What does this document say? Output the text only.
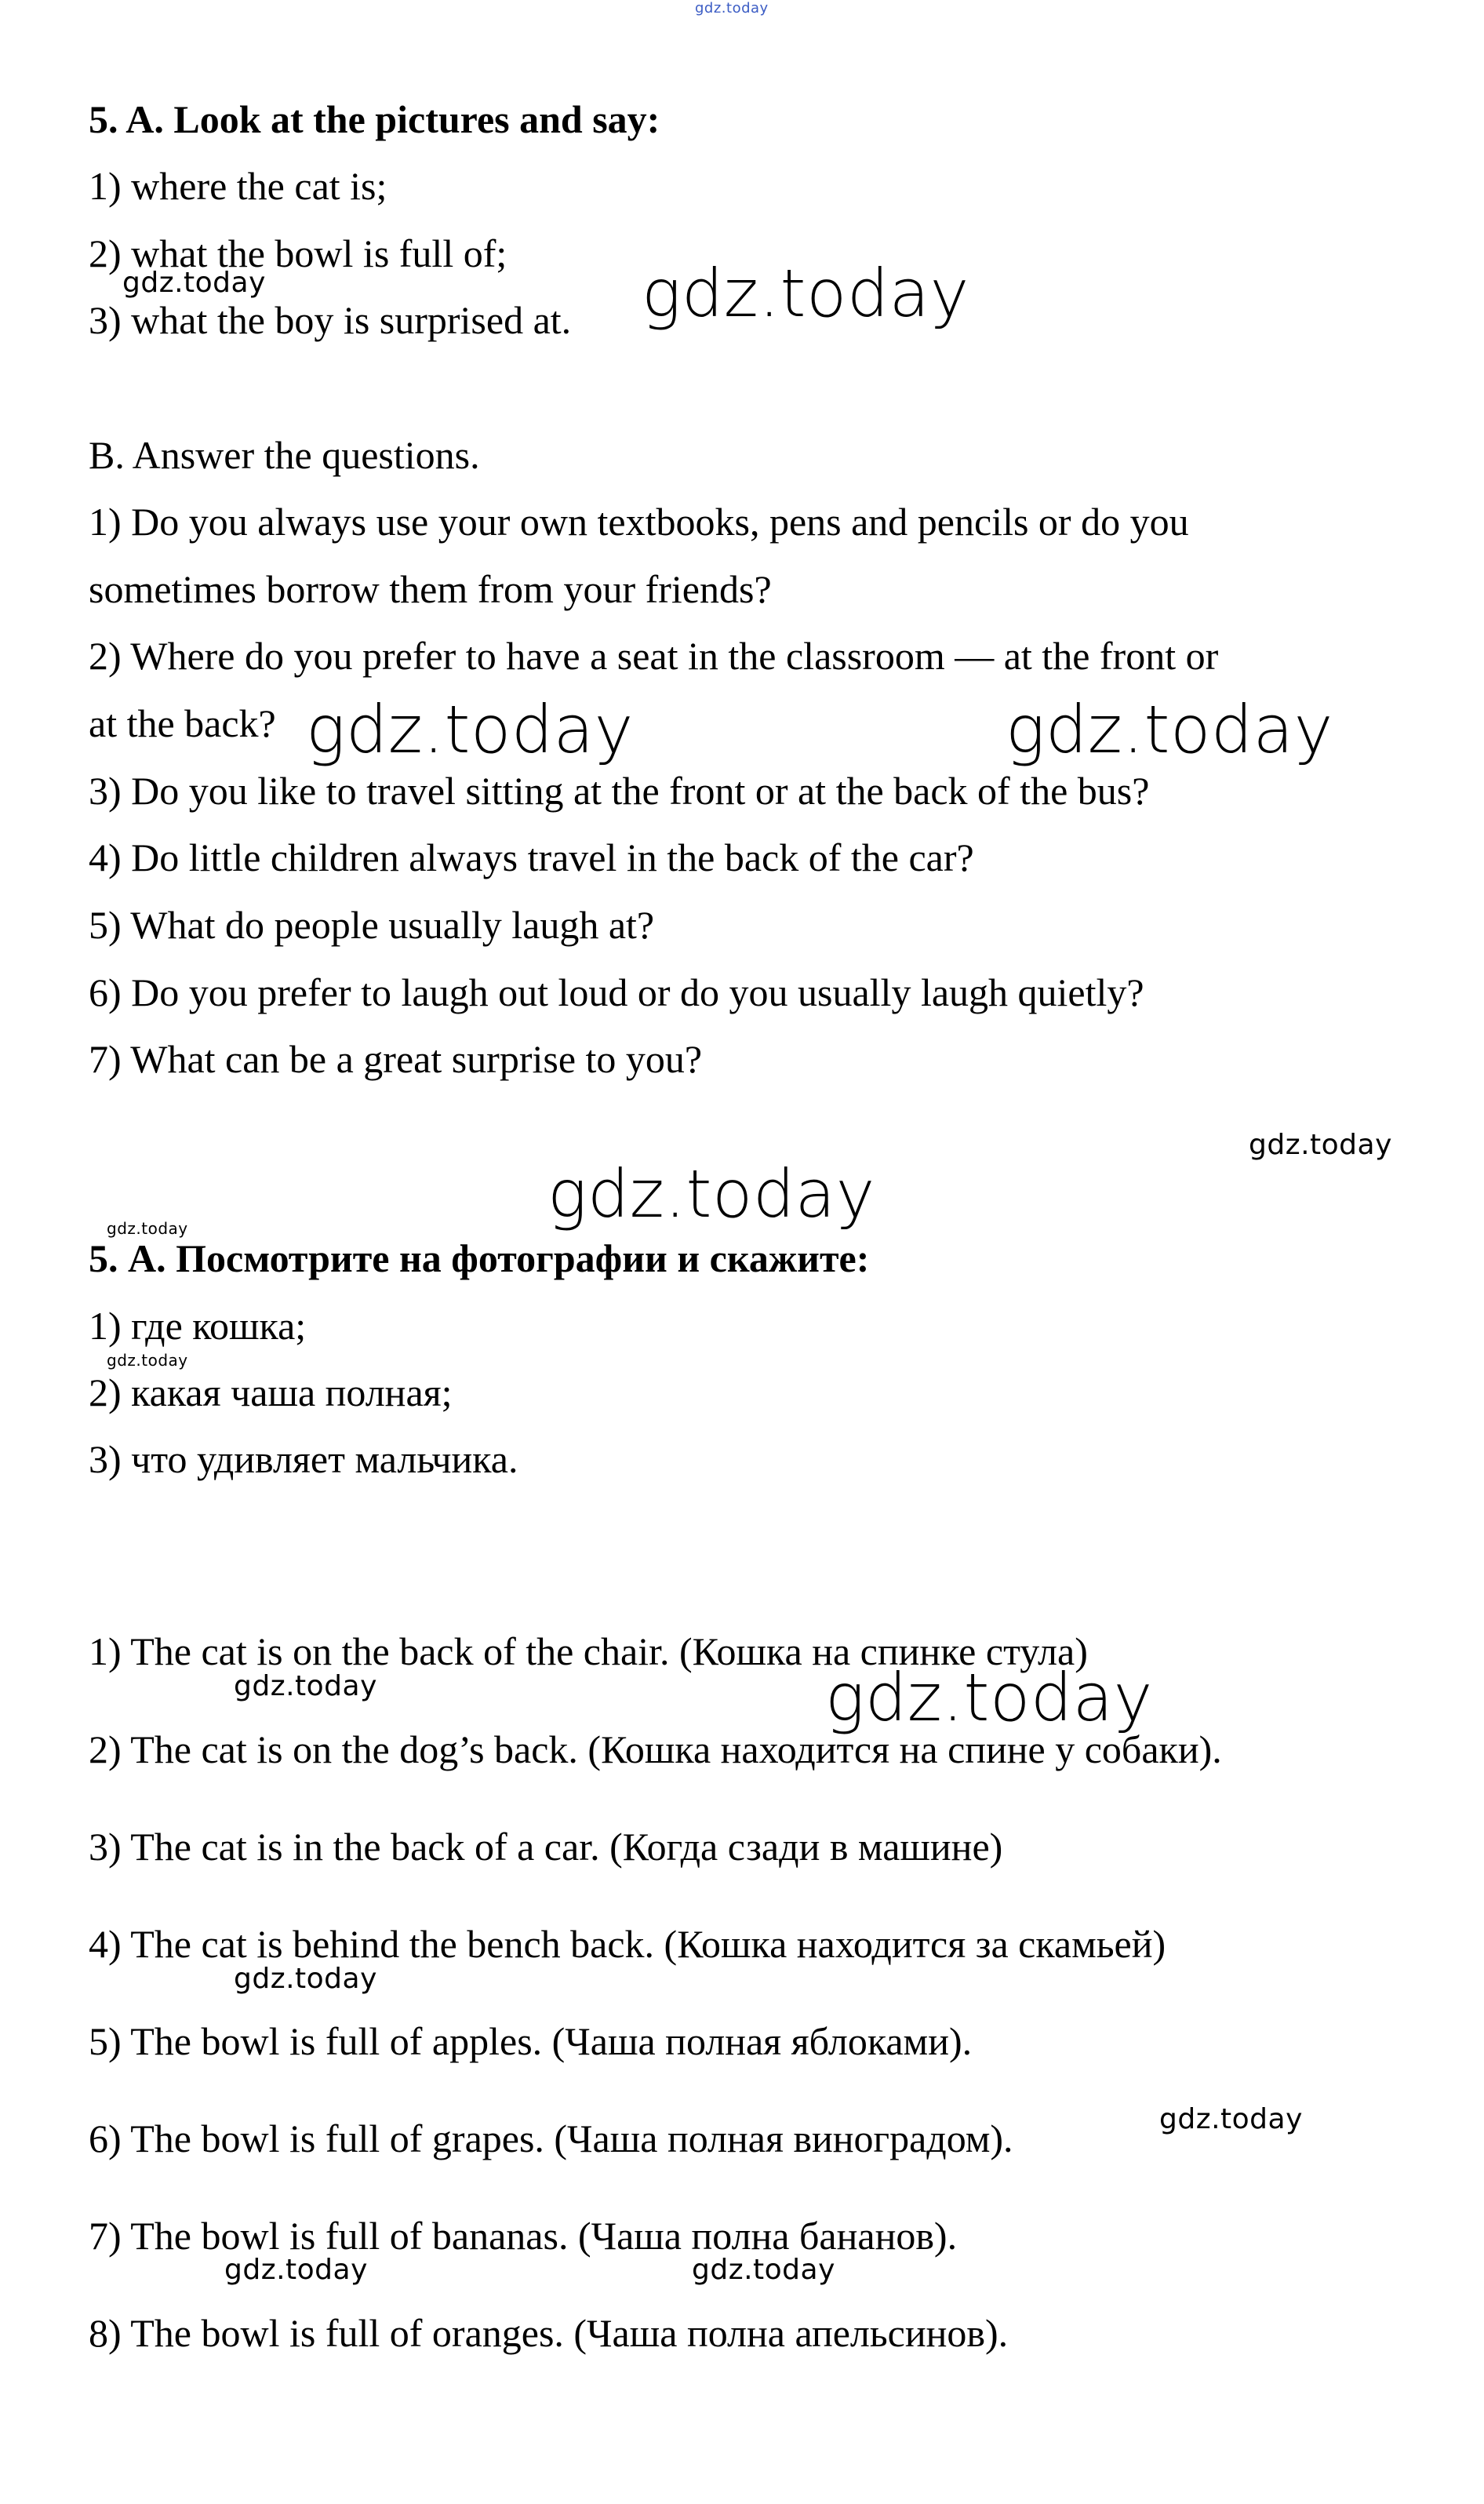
gdz.today
5. A. Look at the pictures and say:
1) where the cat is;
2) what the bowl is full of;
3) what the boy is surprised at.
B. Answer the questions.
1) Do you always use your own textbooks, pens and pencils or do you
sometimes borrow them from your friends?
2) Where do you prefer to have a seat in the classroom — at the front or
at the back?
3) Do you like to travel sitting at the front or at the back of the bus?
4) Do little children always travel in the back of the car?
5) What do people usually laugh at?
6) Do you prefer to laugh out loud or do you usually laugh quietly?
7) What can be a great surprise to you?
5. А. Посмотрите на фотографии и скажите:
1) где кошка;
2) какая чаша полная;
3) что удивляет мальчика.
1) The cat is on the back of the chair. (Кошка на спинке стула)
2) The cat is on the dog’s back. (Кошка находится на спине у собаки).
3) The cat is in the back of a car. (Когда сзади в машине)
4) The cat is behind the bench back. (Кошка находится за скамьей)
5) The bowl is full of apples. (Чаша полная яблоками).
6) The bowl is full of grapes. (Чаша полная виноградом).
7) The bowl is full of bananas. (Чаша полна бананов).
8) The bowl is full of oranges. (Чаша полна апельсинов).
gdz.today	gdz.today
gdz.today	gdz.today
gdz.today
gdz.today
gdz.today
gdz.today
gdz.today	gdz.today
gdz.today
gdz.today
gdz.today	gdz.today
